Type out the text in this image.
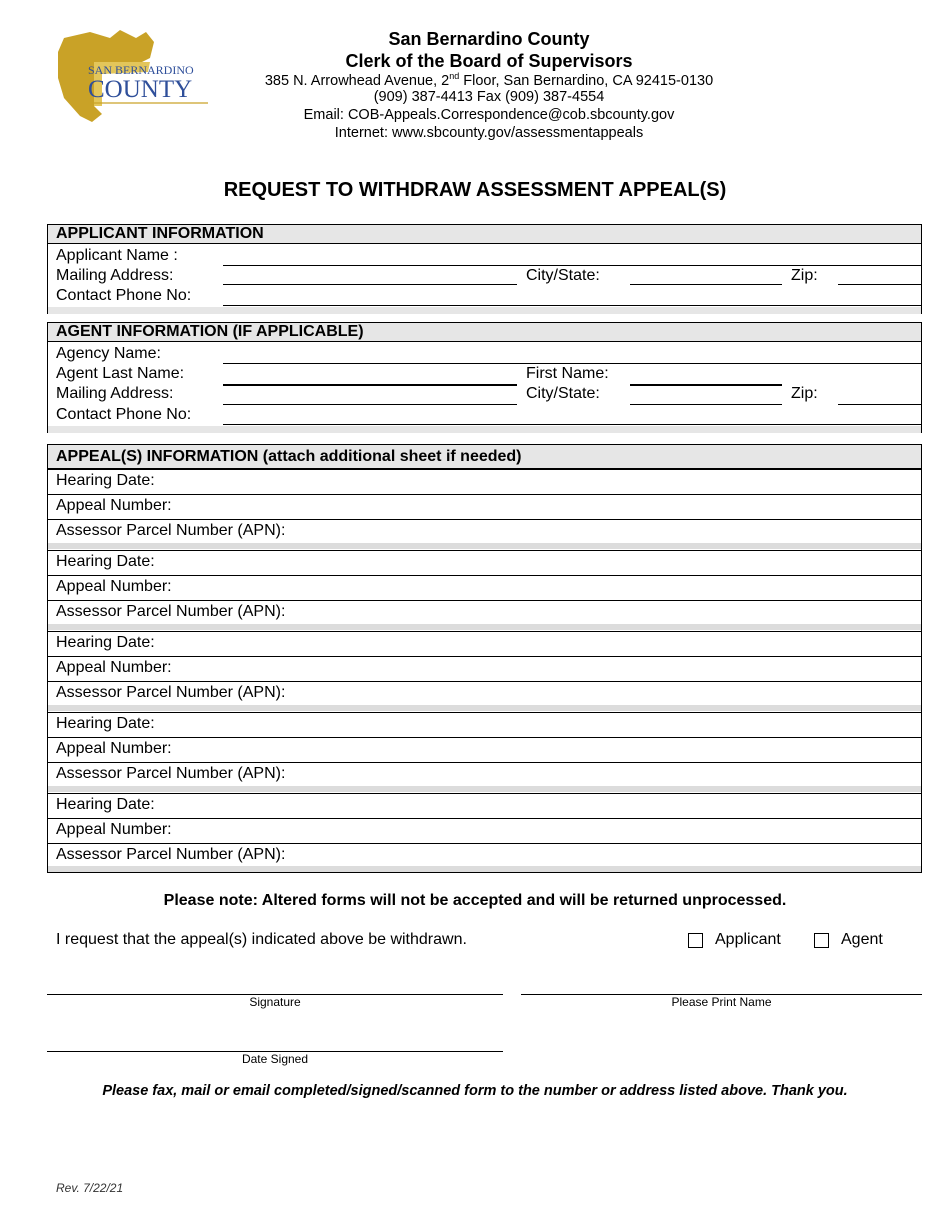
SAN BERNARDINO
COUNTY
San Bernardino County
Clerk of the Board of Supervisors
385 N. Arrowhead Avenue, 2nd Floor, San Bernardino, CA 92415-0130
(909) 387-4413 Fax (909) 387-4554
Email: COB-Appeals.Correspondence@cob.sbcounty.gov
Internet: www.sbcounty.gov/assessmentappeals
REQUEST TO WITHDRAW ASSESSMENT APPEAL(S)
APPLICANT INFORMATION
Applicant Name :
Mailing Address:	City/State:	Zip:
Contact Phone No:
AGENT INFORMATION (IF APPLICABLE)
Agency Name:
Agent Last Name:	First Name:
Mailing Address:	City/State:	Zip:
Contact Phone No:
APPEAL(S) INFORMATION (attach additional sheet if needed)
Hearing Date:
Appeal Number:
Assessor Parcel Number (APN):
Hearing Date:
Appeal Number:
Assessor Parcel Number (APN):
Hearing Date:
Appeal Number:
Assessor Parcel Number (APN):
Hearing Date:
Appeal Number:
Assessor Parcel Number (APN):
Hearing Date:
Appeal Number:
Assessor Parcel Number (APN):
Please note: Altered forms will not be accepted and will be returned unprocessed.
I request that the appeal(s) indicated above be withdrawn.	Applicant	Agent
Signature	Please Print Name
Date Signed
Please fax, mail or email completed/signed/scanned form to the number or address listed above. Thank you.
Rev. 7/22/21
